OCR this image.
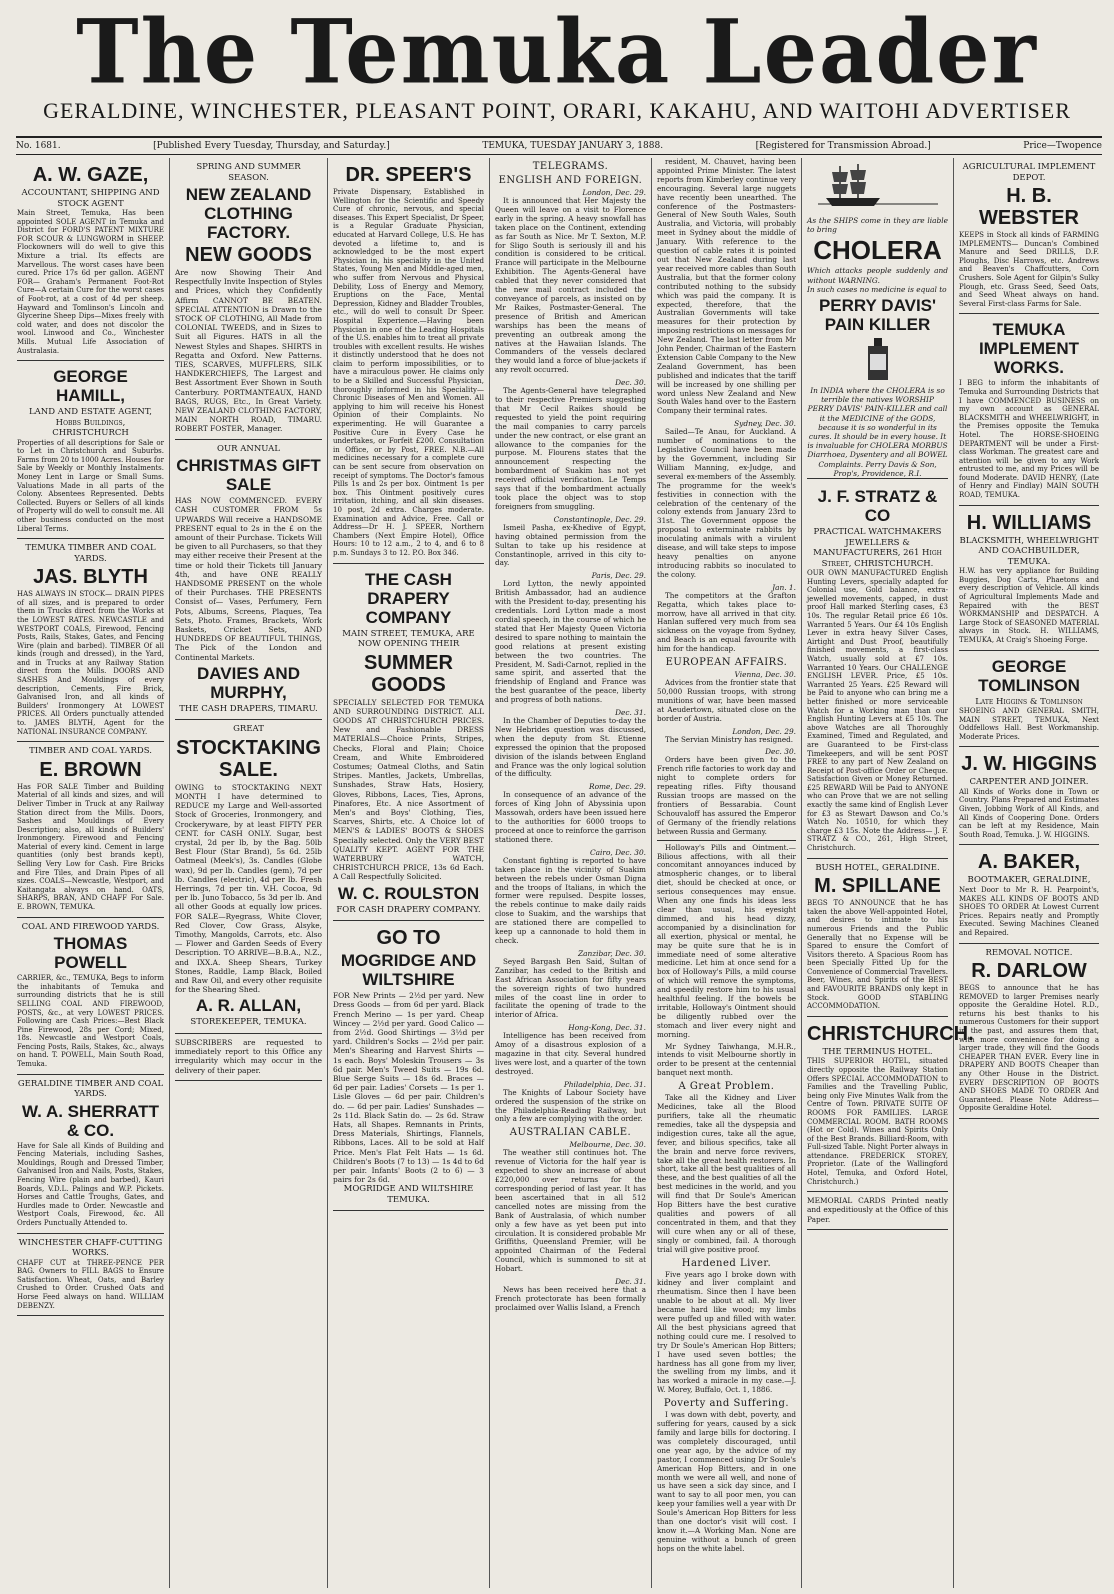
The Temuka Leader
GERALDINE, WINCHESTER, PLEASANT POINT, ORARI, KAKAHU, AND WAITOHI ADVERTISER
No. 1681.	[Published Every Tuesday, Thursday, and Saturday.]	TEMUKA, TUESDAY JANUARY 3, 1888.	[Registered for Transmission Abroad.]	Price—Twopence
A. W. GAZE,
ACCOUNTANT, SHIPPING AND STOCK AGENT
Main Street, Temuka, Has been appointed SOLE AGENT in Temuka and District for FORD'S PATENT MIXTURE FOR SCOUR & LUNGWORM in SHEEP. Flockowners will do well to give this Mixture a trial. Its effects are Marvellous. The worst cases have been cured. Price 17s 6d per gallon. AGENT FOR— Graham's Permanent Foot-Rot Cure—A certain Cure for the worst cases of Foot-rot, at a cost of 4d per sheep. Hayward and Tomlinson's Lincoln and Glycerine Sheep Dips—Mixes freely with cold water, and does not discolor the wool. Linwood and Co., Winchester Mills. Mutual Life Association of Australasia.
GEORGE HAMILL,
LAND AND ESTATE AGENT, Hobbs Buildings, CHRISTCHURCH
Properties of all descriptions for Sale or to Let in Christchurch and Suburbs. Farms from 20 to 1000 Acres. Houses for Sale by Weekly or Monthly Instalments. Money Lent in Large or Small Sums. Valuations Made in all parts of the Colony. Absentees Represented. Debts Collected. Buyers or Sellers of all kinds of Property will do well to consult me. All other business conducted on the most Liberal Terms.
TEMUKA TIMBER AND COAL YARDS.
JAS. BLYTH
HAS ALWAYS IN STOCK— DRAIN PIPES of all sizes, and is prepared to order them in Trucks direct from the Works at the LOWEST RATES. NEWCASTLE and WESTPORT COALS, Firewood, Fencing Posts, Rails, Stakes, Gates, and Fencing Wire (plain and barbed). TIMBER Of all kinds (rough and dressed), in the Yard, and in Trucks at any Railway Station direct from the Mills. DOORS AND SASHES And Mouldings of every description, Cements, Fire Brick, Galvanised Iron, and all kinds of Builders' Ironmongery At LOWEST PRICES. All Orders punctually attended to. JAMES BLYTH, Agent for the NATIONAL INSURANCE COMPANY.
TIMBER AND COAL YARDS.
E. BROWN
Has FOR SALE Timber and Building Material of all kinds and sizes, and will Deliver Timber in Truck at any Railway Station direct from the Mills. Doors, Sashes and Mouldings of Every Description; also, all kinds of Builders' Ironmongery. Firewood and Fencing Material of every kind. Cement in large quantities (only best brands kept), Selling Very Low for Cash. Fire Bricks and Fire Tiles, and Drain Pipes of all sizes. COALS—Newcastle, Westport, and Kaitangata always on hand. OATS, SHARPS, BRAN, AND CHAFF For Sale. E. BROWN, TEMUKA.
COAL AND FIREWOOD YARDS.
THOMAS POWELL
CARRIER, &c., TEMUKA, Begs to inform the inhabitants of Temuka and surrounding districts that he is still SELLING COAL AND FIREWOOD, POSTS, &c., at very LOWEST PRICES. Following are Cash Prices:—Best Black Pine Firewood, 28s per Cord; Mixed, 18s. Newcastle and Westport Coals, Fencing Posts, Rails, Stakes, &c., always on hand. T. POWELL, Main South Road, Temuka.
GERALDINE TIMBER AND COAL YARDS.
W. A. SHERRATT & CO.
Have for Sale all Kinds of Building and Fencing Materials, including Sashes, Mouldings, Rough and Dressed Timber, Galvanised Iron and Nails, Posts, Stakes, Fencing Wire (plain and barbed), Kauri Boards, V.D.L. Palings and W.P. Pickets. Horses and Cattle Troughs, Gates, and Hurdles made to Order. Newcastle and Westport Coals, Firewood, &c. All Orders Punctually Attended to.
WINCHESTER CHAFF-CUTTING WORKS.
CHAFF CUT at THREE-PENCE PER BAG. Owners to FILL BAGS to Ensure Satisfaction. Wheat, Oats, and Barley Crushed to Order. Crushed Oats and Horse Feed always on hand. WILLIAM DEBENZY.
SPRING AND SUMMER SEASON.
NEW ZEALAND CLOTHING FACTORY.
NEW GOODS
Are now Showing Their And Respectfully Invite Inspection of Styles and Prices, which they Confidently Affirm CANNOT BE BEATEN. SPECIAL ATTENTION is Drawn to the STOCK OF CLOTHING, All Made from COLONIAL TWEEDS, and in Sizes to Suit all Figures. HATS in all the Newest Styles and Shapes. SHIRTS in Regatta and Oxford. New Patterns. TIES, SCARVES, MUFFLERS, SILK HANDKERCHIEFS, The Largest and Best Assortment Ever Shown in South Canterbury. PORTMANTEAUX, HAND BAGS, RUGS, Etc., In Great Variety. NEW ZEALAND CLOTHING FACTORY, MAIN NORTH ROAD, TIMARU. ROBERT FOSTER, Manager.
OUR ANNUAL
CHRISTMAS GIFT SALE
HAS NOW COMMENCED. EVERY CASH CUSTOMER FROM 5s UPWARDS Will receive a HANDSOME PRESENT equal to 2s in the £ on the amount of their Purchase. Tickets Will be given to all Purchasers, so that they may either receive their Present at the time or hold their Tickets till January 4th, and have ONE REALLY HANDSOME PRESENT on the whole of their Purchases. THE PRESENTS Consist of— Vases, Perfumery, Fern Pots, Albums, Screens, Plaques, Tea Sets, Photo. Frames, Brackets, Work Baskets, Cricket Sets, AND HUNDREDS OF BEAUTIFUL THINGS, The Pick of the London and Continental Markets.
DAVIES AND MURPHY,
THE CASH DRAPERS, TIMARU.
GREAT
STOCKTAKING SALE.
OWING to STOCKTAKING NEXT MONTH I have determined to REDUCE my Large and Well-assorted Stock of Groceries, Ironmongery, and Crockeryware, by at least FIFTY PER CENT. for CASH ONLY. Sugar, best crystal, 2d per lb, by the Bag. 50lb Best Flour (Star Brand), 5s 6d. 25lb Oatmeal (Meek's), 3s. Candles (Globe wax), 9d per lb. Candles (gem), 7d per lb. Candles (electric), 4d per lb. Fresh Herrings, 7d per tin. V.H. Cocoa, 9d per lb. Juno Tobacco, 5s 3d per lb. And all other Goods at equally low prices. FOR SALE—Ryegrass, White Clover, Red Clover, Cow Grass, Alsyke, Timothy, Mangolds, Carrots, etc. Also— Flower and Garden Seeds of Every Description. TO ARRIVE—B.B.A., N.Z., and IXX.A. Sheep Shears, Turkey Stones, Raddle, Lamp Black, Boiled and Raw Oil, and every other requisite for the Shearing Shed.
A. R. ALLAN,
STOREKEEPER, TEMUKA.
SUBSCRIBERS are requested to immediately report to this Office any irregularity which may occur in the delivery of their paper.
DR. SPEER'S
Private Dispensary, Established in Wellington for the Scientific and Speedy Cure of chronic, nervous, and special diseases. This Expert Specialist, Dr Speer, is a Regular Graduate Physician, educated at Harvard College, U.S. He has devoted a lifetime to, and is acknowledged to be the most expert Physician in, his speciality in the United States, Young Men and Middle-aged men, who suffer from Nervous and Physical Debility, Loss of Energy and Memory, Eruptions on the Face, Mental Depression, Kidney and Bladder Troubles, etc., will do well to consult Dr Speer. Hospital Experience.—Having been Physician in one of the Leading Hospitals of the U.S. enables him to treat all private troubles with excellent results. He wishes it distinctly understood that he does not claim to perform impossibilities, or to have a miraculous power. He claims only to be a Skilled and Successful Physician, thoroughly informed in his Speciality— Chronic Diseases of Men and Women. All applying to him will receive his Honest Opinion of their Complaints. No experimenting. He will Guarantee a Positive Cure in Every Case he undertakes, or Forfeit £200. Consultation in Office, or by Post, FREE. N.B.—All medicines necessary for a complete cure can be sent secure from observation on receipt of symptoms. The Doctor's famous Pills 1s and 2s per box. Ointment 1s per box. This Ointment positively cures irritation, itching, and all skin diseases. 10 post, 2d extra. Charges moderate. Examination and Advice, Free. Call or Address—Dr H. J. SPEER, Northern Chambers (Next Empire Hotel), Office Hours: 10 to 12 a.m., 2 to 4, and 6 to 8 p.m. Sundays 3 to 12. P.O. Box 346.
THE CASH DRAPERY COMPANY
MAIN STREET, TEMUKA, ARE NOW OPENING THEIR
SUMMER GOODS
SPECIALLY SELECTED FOR TEMUKA AND SURROUNDING DISTRICT. ALL GOODS AT CHRISTCHURCH PRICES. New and Fashionable DRESS MATERIALS—Choice Prints, Stripes, Checks, Floral and Plain; Choice Cream, and White Embroidered Costumes; Oatmeal Cloths, and Satin Stripes. Mantles, Jackets, Umbrellas, Sunshades, Straw Hats, Hosiery, Gloves, Ribbons, Laces, Ties, Aprons, Pinafores, Etc. A nice Assortment of Men's and Boys' Clothing, Ties, Scarves, Shirts, etc. A Choice lot of MEN'S & LADIES' BOOTS & SHOES Specially selected. Only the VERY BEST QUALITY KEPT. AGENT FOR THE WATERBURY WATCH, CHRISTCHURCH PRICE, 13s 6d Each. A Call Respectfully Solicited.
W. C. ROULSTON
FOR CASH DRAPERY COMPANY.
GO TO
MOGRIDGE AND WILTSHIRE
FOR New Prints — 2½d per yard. New Dress Goods — from 6d per yard. Black French Merino — 1s per yard. Cheap Wincey — 2½d per yard. Good Calico — from 2½d. Good Shirtings — 3½d per yard. Children's Socks — 2½d per pair. Men's Shearing and Harvest Shirts — 1s each. Boys' Moleskin Trousers — 3s 6d pair. Men's Tweed Suits — 19s 6d. Blue Serge Suits — 18s 6d. Braces — 6d per pair. Ladies' Corsets — 1s per 1. Lisle Gloves — 6d per pair. Children's do. — 6d per pair. Ladies' Sunshades — 2s 11d. Black Satin do. — 2s 6d. Straw Hats, all Shapes. Remnants in Prints, Dress Materials, Shirtings, Flannels, Ribbons, Laces. All to be sold at Half Price. Men's Flat Felt Hats — 1s 6d. Children's Boots (7 to 13) — 1s 4d to 6d per pair. Infants' Boots (2 to 6) — 3 pairs for 2s 6d.
MOGRIDGE AND WILTSHIRE
TEMUKA.
TELEGRAMS.
ENGLISH AND FOREIGN.
London, Dec. 29.

It is announced that Her Majesty the Queen will leave on a visit to Florence early in the spring. A heavy snowfall has taken place on the Continent, extending as far South as Nice. Mr T. Sexton, M.P. for Sligo South is seriously ill and his condition is considered to be critical. France will participate in the Melbourne Exhibition. The Agents-General have cabled that they never considered that the new mail contract included the conveyance of parcels, as insisted on by Mr Raikes, Postmaster-General. The presence of British and American warships has been the means of preventing an outbreak among the natives at the Hawaiian Islands. The Commanders of the vessels declared they would land a force of blue-jackets if any revolt occurred.

Dec. 30.

The Agents-General have telegraphed to their respective Premiers suggesting that Mr Cecil Raikes should be requested to yield the point requiring the mail companies to carry parcels under the new contract, or else grant an allowance to the companies for the purpose. M. Flourens states that the announcement respecting the bombardment of Suakim has not yet received official verification. Le Temps says that if the bombardment actually took place the object was to stop foreigners from smuggling.

Constantinople, Dec. 29.

Ismeil Pasha, ex-Khedive of Egypt, having obtained permission from the Sultan to take up his residence at Constantinople, arrived in this city to-day.

Paris, Dec. 29.

Lord Lytton, the newly appointed British Ambassador, had an audience with the President to-day, presenting his credentials. Lord Lytton made a most cordial speech, in the course of which he stated that Her Majesty Queen Victoria desired to spare nothing to maintain the good relations at present existing between the two countries. The President, M. Sadi-Carnot, replied in the same spirit, and asserted that the friendship of England and France was the best guarantee of the peace, liberty and progress of both nations.

Dec. 31.

In the Chamber of Deputies to-day the New Hebrides question was discussed, when the deputy from St. Etienne expressed the opinion that the proposed division of the islands between England and France was the only logical solution of the difficulty.

Rome, Dec. 29.

In consequence of an advance of the forces of King John of Abyssinia upon Massowah, orders have been issued here to the authorities for 6000 troops to proceed at once to reinforce the garrison stationed there.

Cairo, Dec. 30.

Constant fighting is reported to have taken place in the vicinity of Suakim between the rebels under Osman Digna and the troops of Italians, in which the former were repulsed. Despite losses, the rebels continue to make daily raids close to Suakim, and the warships that are stationed there are compelled to keep up a cannonade to hold them in check.

Zanzibar, Dec. 30.

Seyed Bargash Ben Said, Sultan of Zanzibar, has ceded to the British and East African Association for fifty years the sovereign rights of two hundred miles of the coast line in order to facilitate the opening of trade to the interior of Africa.

Hong-Kong, Dec. 31.

Intelligence has been received from Amoy of a disastrous explosion of a magazine in that city. Several hundred lives were lost, and a quarter of the town destroyed.

Philadelphia, Dec. 31.

The Knights of Labour Society have ordered the suspension of the strike on the Philadelphia-Reading Railway, but only a few are complying with the order.

AUSTRALIAN CABLE.
Melbourne, Dec. 30.

The weather still continues hot. The revenue of Victoria for the half year is expected to show an increase of about £220,000 over returns for the corresponding period of last year. It has been ascertained that in all 512 cancelled notes are missing from the Bank of Australasia, of which number only a few have as yet been put into circulation. It is considered probable Mr Griffiths, Queensland Premier, will be appointed Chairman of the Federal Council, which is summoned to sit at Hobart.

Dec. 31.

News has been received here that a French protectorate has been formally proclaimed over Wallis Island, a French

resident, M. Chauvet, having been appointed Prime Minister. The latest reports from Kimberley continue very encouraging. Several large nuggets have recently been unearthed. The conference of the Postmasters-General of New South Wales, South Australia, and Victoria, will probably meet in Sydney about the middle of January. With reference to the question of cable rates it is pointed out that New Zealand during last year received more cables than South Australia, but that the former colony contributed nothing to the subsidy which was paid the company. It is expected, therefore, that the Australian Governments will take measures for their protection by imposing restrictions on messages for New Zealand. The last letter from Mr John Pender, Chairman of the Eastern Extension Cable Company to the New Zealand Government, has been published and indicates that the tariff will be increased by one shilling per word unless New Zealand and New South Wales hand over to the Eastern Company their terminal rates.

Sydney, Dec. 30.

Sailed—Te Anau, for Auckland. A number of nominations to the Legislative Council have been made by the Government, including Sir William Manning, ex-Judge, and several ex-members of the Assembly. The programme for the week's festivities in connection with the celebration of the centenary of the colony extends from January 23rd to 31st. The Government oppose the proposal to exterminate rabbits by inoculating animals with a virulent disease, and will take steps to impose heavy penalties on anyone introducing rabbits so inoculated to the colony.

Jan. 1.

The competitors at the Grafton Regatta, which takes place to-morrow, have all arrived in that city. Hanlan suffered very much from sea sickness on the voyage from Sydney, and Beach is an equal favourite with him for the handicap.

EUROPEAN AFFAIRS.
Vienna, Dec. 30.

Advices from the frontier state that 50,000 Russian troops, with strong munitions of war, have been massed at Aeudertown, situated close on the border of Austria.

London, Dec. 29.

The Servian Ministry has resigned.

Dec. 30.

Orders have been given to the French rifle factories to work day and night to complete orders for repeating rifles. Fifty thousand Russian troops are massed on the frontiers of Bessarabia. Count Schouvaloff has assured the Emperor of Germany of the friendly relations between Russia and Germany.

Holloway's Pills and Ointment.—Bilious affections, with all their concomitant annoyances induced by atmospheric changes, or to liberal diet, should be checked at once, or serious consequences may ensue. When any one finds his ideas less clear than usual, his eyesight dimmed, and his head dizzy, accompanied by a disinclination for all exertion, physical or mental, he may be quite sure that he is in immediate need of some alterative medicine. Let him at once send for a box of Holloway's Pills, a mild course of which will remove the symptoms, and speedily restore him to his usual healthful feeling. If the bowels be irritable, Holloway's Ointment should be diligently rubbed over the stomach and liver every night and morning.

Mr Sydney Taiwhanga, M.H.R., intends to visit Melbourne shortly in order to be present at the centennial banquet next month.

A Great Problem.

Take all the Kidney and Liver Medicines, take all the Blood purifiers, take all the rheumatic remedies, take all the dyspepsia and indigestion cures, take all the ague, fever, and bilious specifics, take all the brain and nerve force revivers, take all the great health restorers. In short, take all the best qualities of all these, and the best qualities of all the best medicines in the world, and you will find that Dr Soule's American Hop Bitters have the best curative qualities and powers of all concentrated in them, and that they will cure when any or all of these, singly or combined, fail. A thorough trial will give positive proof.

Hardened Liver.

Five years ago I broke down with kidney and liver complaint and rheumatism. Since then I have been unable to be about at all. My liver became hard like wood; my limbs were puffed up and filled with water. All the best physicians agreed that nothing could cure me. I resolved to try Dr Soule's American Hop Bitters; I have used seven bottles; the hardness has all gone from my liver, the swelling from my limbs, and it has worked a miracle in my case.—J. W. Morey, Buffalo, Oct. 1, 1886.

Poverty and Suffering.

I was down with debt, poverty, and suffering for years, caused by a sick family and large bills for doctoring. I was completely discouraged, until one year ago, by the advice of my pastor, I commenced using Dr Soule's American Hop Bitters, and in one month we were all well, and none of us have seen a sick day since, and I want to say to all poor men, you can keep your families well a year with Dr Soule's American Hop Bitters for less than one doctor's visit will cost. I know it.—A Working Man. None are genuine without a bunch of green hops on the white label.

As the SHIPS come in they are liable to bring
CHOLERA
Which attacks people suddenly and without WARNING.
In such cases no medicine is equal to
PERRY DAVIS' PAIN KILLER
In INDIA where the CHOLERA is so terrible the natives WORSHIP PERRY DAVIS' PAIN-KILLER and call it the MEDICINE of the GODS, because it is so wonderful in its cures. It should be in every house. It is invaluable for CHOLERA MORBUS Diarrhoea, Dysentery and all BOWEL Complaints. Perry Davis & Son, Prop's, Providence, R.I.
J. F. STRATZ & CO
PRACTICAL WATCHMAKERS JEWELLERS & MANUFACTURERS, 261 High Street, CHRISTCHURCH.
OUR OWN MANUFACTURED English Hunting Levers, specially adapted for Colonial use, Gold balance, extra-jewelled movements, capped, in dust proof Hall marked Sterling cases, £3 10s. The regular Retail price £6 10s. Warranted 5 Years. Our £4 10s English Lever in extra heavy Silver Cases, Airtight and Dust Proof, beautifully finished movements, a first-class Watch, usually sold at £7 10s. Warranted 10 Years. Our CHALLENGE ENGLISH LEVER. Price, £5 10s. Warranted 25 Years. £25 Reward will be Paid to anyone who can bring me a better finished or more serviceable Watch for a Working man than our English Hunting Levers at £5 10s. The above Watches are all Thoroughly Examined, Timed and Regulated, and are Guaranteed to be First-class Timekeepers, and will be sent POST FREE to any part of New Zealand on Receipt of Post-office Order or Cheque. Satisfaction Given or Money Returned. £25 REWARD Will be Paid to ANYONE who can Prove that we are not selling exactly the same kind of English Lever for £3 as Stewart Dawson and Co.'s Watch No. 10510, for which they charge £3 15s. Note the Address— J. F. STRATZ & CO., 261, High Street, Christchurch.
BUSH HOTEL, GERALDINE.
M. SPILLANE
BEGS TO ANNOUNCE that he has taken the above Well-appointed Hotel, and desires to intimate to his numerous Friends and the Public Generally that no Expense will be Spared to ensure the Comfort of Visitors thereto. A Spacious Room has been Specially Fitted Up for the Convenience of Commercial Travellers. Beer, Wines, and Spirits of the BEST and FAVOURITE BRANDS only kept in Stock. GOOD STABLING ACCOMMODATION.
CHRISTCHURCH.
THE TERMINUS HOTEL.
THIS SUPERIOR HOTEL, situated directly opposite the Railway Station Offers SPECIAL ACCOMMODATION to Families and the Travelling Public, being only Five Minutes Walk from the Centre of Town. PRIVATE SUITE OF ROOMS FOR FAMILIES. LARGE COMMERCIAL ROOM. BATH ROOMS (Hot or Cold). Wines and Spirits Only of the Best Brands. Billiard-Room, with Full-sized Table. Night Porter always in attendance. FREDERICK STOREY, Proprietor. (Late of the Wallingford Hotel, Temuka, and Oxford Hotel, Christchurch.)
MEMORIAL CARDS Printed neatly and expeditiously at the Office of this Paper.
AGRICULTURAL IMPLEMENT DEPOT.
H. B. WEBSTER
KEEPS in Stock all kinds of FARMING IMPLEMENTS— Duncan's Combined Manure and Seed DRILLS, D.F. Ploughs, Disc Harrows, etc. Andrews and Beaven's Chaffcutters, Corn Crushers. Sole Agent for Gilpin's Sulky Plough, etc. Grass Seed, Seed Oats, and Seed Wheat always on hand. Several First-class Farms for Sale.
TEMUKA IMPLEMENT WORKS.
I BEG to inform the inhabitants of Temuka and Surrounding Districts that I have COMMENCED BUSINESS on my own account as GENERAL BLACKSMITH and WHEELWRIGHT, in the Premises opposite the Temuka Hotel. The HORSE-SHOEING DEPARTMENT will be under a First-class Workman. The greatest care and attention will be given to any Work entrusted to me, and my Prices will be found Moderate. DAVID HENRY, (Late of Henry and Findlay) MAIN SOUTH ROAD, TEMUKA.
H. WILLIAMS
BLACKSMITH, WHEELWRIGHT AND COACHBUILDER, TEMUKA.
H.W. has very appliance for Building Buggies, Dog Carts, Phaetons and every description of Vehicle. All kinds of Agricultural Implements Made and Repaired with the BEST WORKMANSHIP and DESPATCH. A Large Stock of SEASONED MATERIAL always in Stock. H. WILLIAMS, TEMUKA, At Craig's Shoeing Forge.
GEORGE TOMLINSON
Late Higgins & Tomlinson
SHOEING AND GENERAL SMITH, MAIN STREET, TEMUKA, Next Oddfellows Hall. Best Workmanship. Moderate Prices.
J. W. HIGGINS
CARPENTER AND JOINER.
All Kinds of Works done in Town or Country. Plans Prepared and Estimates Given, Jobbing Work of All Kinds, and All Kinds of Coopering Done. Orders can be left at my Residence, Main South Road, Temuka. J. W. HIGGINS.
A. BAKER,
BOOTMAKER, GERALDINE,
Next Door to Mr R. H. Pearpoint's, MAKES ALL KINDS OF BOOTS AND SHOES TO ORDER At Lowest Current Prices. Repairs neatly and Promptly Executed. Sewing Machines Cleaned and Repaired.
REMOVAL NOTICE.
R. DARLOW
BEGS to announce that he has REMOVED to larger Premises nearly opposite the Geraldine Hotel. R.D., returns his best thanks to his numerous Customers for their support in the past, and assures them that, with more convenience for doing a larger trade, they will find the Goods CHEAPER THAN EVER. Every line in DRAPERY AND BOOTS Cheaper than any Other House in the District. EVERY DESCRIPTION OF BOOTS AND SHOES MADE TO ORDER And Guaranteed. Please Note Address— Opposite Geraldine Hotel.
